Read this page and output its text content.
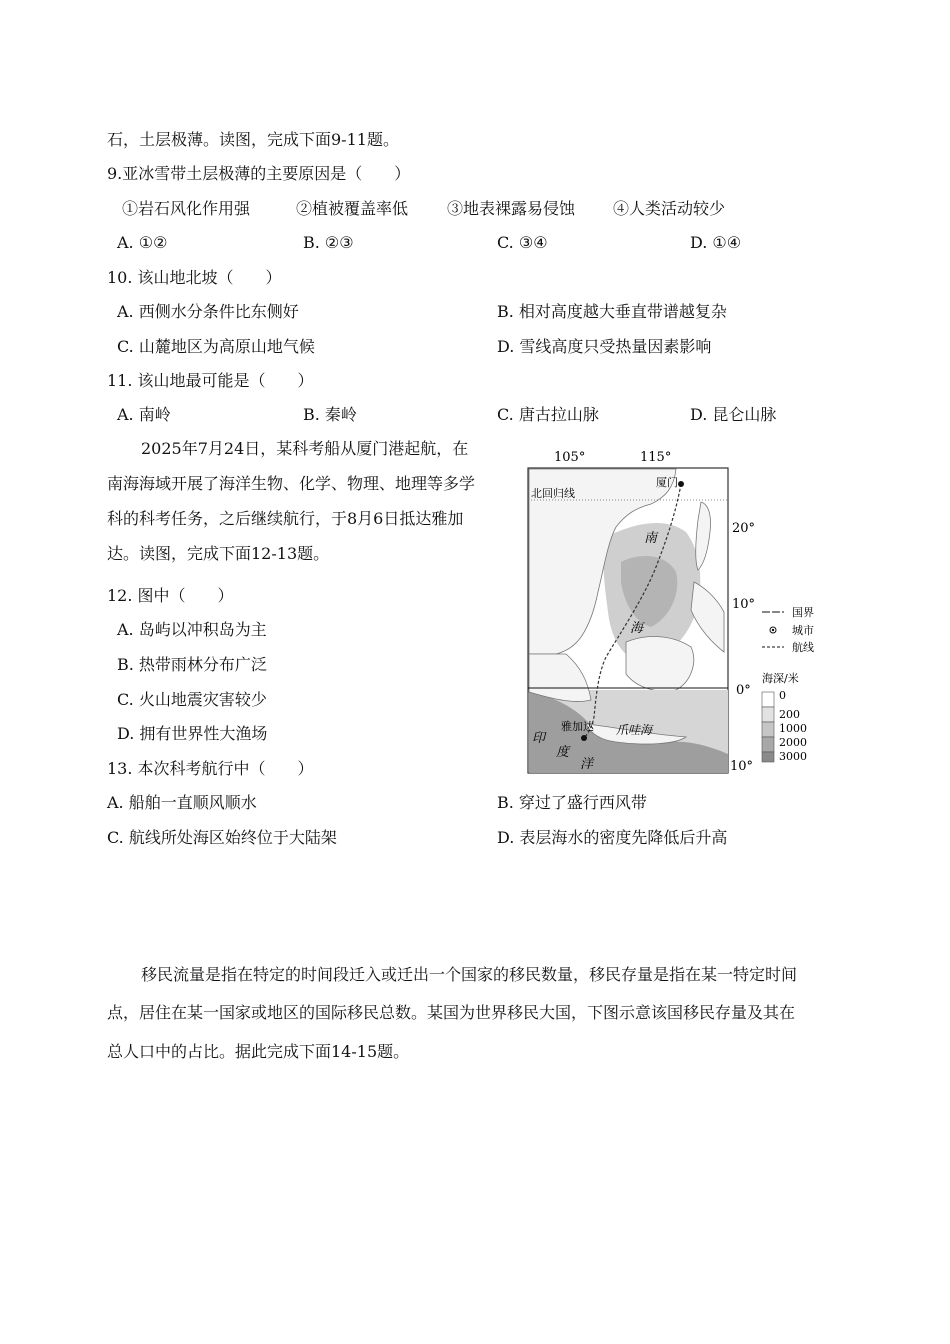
石，土层极薄。读图，完成下面9-11题。
9.亚冰雪带土层极薄的主要原因是（　　）
①岩石风化作用强	②植被覆盖率低 ③地表裸露易侵蚀 ④人类活动较少
A. ①②	B. ②③	C. ③④	D. ①④
10. 该山地北坡（　　）
A. 西侧水分条件比东侧好	B. 相对高度越大垂直带谱越复杂
C. 山麓地区为高原山地气候	D. 雪线高度只受热量因素影响
11. 该山地最可能是（　　）
A. 南岭	B. 秦岭	C. 唐古拉山脉	D. 昆仑山脉
2025年7月24日，某科考船从厦门港起航，在
南海海域开展了海洋生物、化学、物理、地理等多学
科的科考任务，之后继续航行，于8月6日抵达雅加
达。读图，完成下面12-13题。
12. 图中（　　）
A. 岛屿以冲积岛为主
B. 热带雨林分布广泛
C. 火山地震灾害较少
D. 拥有世界性大渔场
13. 本次科考航行中（　　）
A. 船舶一直顺风顺水	B. 穿过了盛行西风带
C. 航线所处海区始终位于大陆架	D. 表层海水的密度先降低后升高
105°	115°
北回归线
厦门
雅加达
南
海
爪哇海
印
度
洋
20°
10°
0°
10°
国界
城市
航线
海深/米
0
200
1000
2000
3000
移民流量是指在特定的时间段迁入或迁出一个国家的移民数量，移民存量是指在某一特定时间
点，居住在某一国家或地区的国际移民总数。某国为世界移民大国，下图示意该国移民存量及其在
总人口中的占比。据此完成下面14-15题。
